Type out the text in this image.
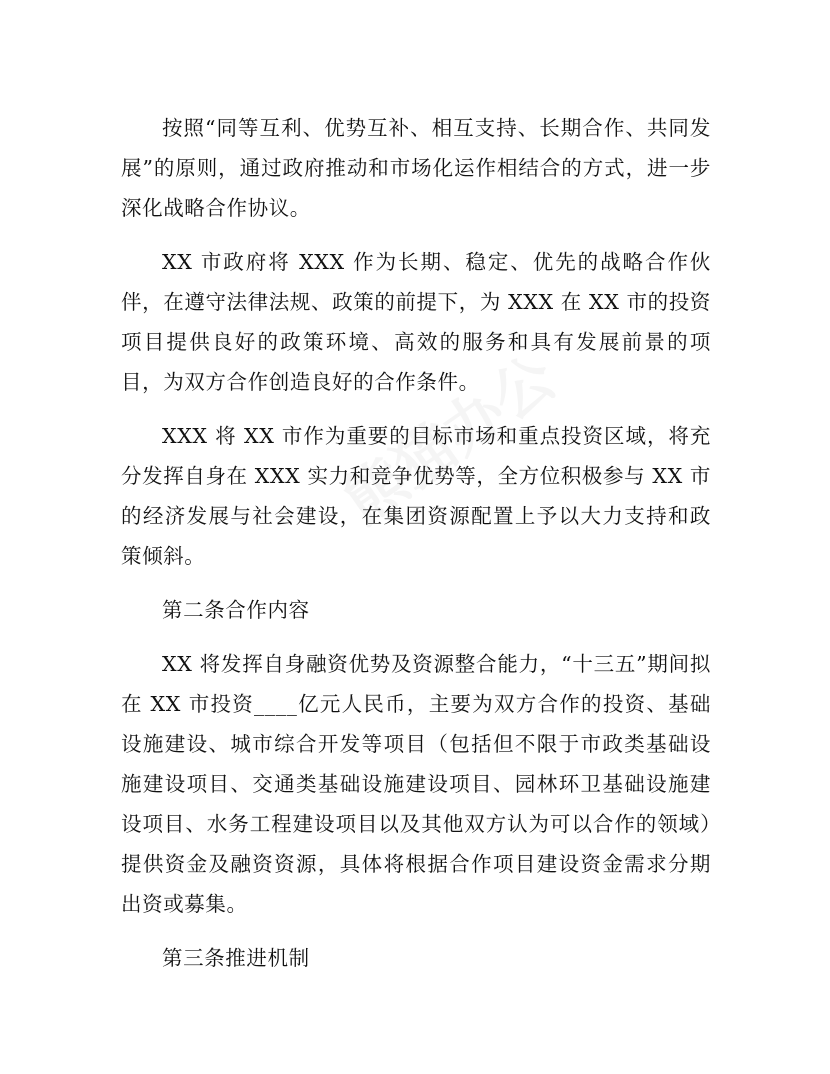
按照“同等互利、优势互补、相互支持、长期合作、共同发展”的原则，通过政府推动和市场化运作相结合的方式，进一步深化战略合作协议。

XX 市政府将 XXX 作为长期、稳定、优先的战略合作伙伴，在遵守法律法规、政策的前提下，为 XXX 在 XX 市的投资项目提供良好的政策环境、高效的服务和具有发展前景的项目，为双方合作创造良好的合作条件。

XXX 将 XX 市作为重要的目标市场和重点投资区域，将充分发挥自身在 XXX 实力和竞争优势等，全方位积极参与 XX 市的经济发展与社会建设，在集团资源配置上予以大力支持和政策倾斜。

第二条合作内容

XX 将发挥自身融资优势及资源整合能力，“十三五”期间拟在 XX 市投资____亿元人民币，主要为双方合作的投资、基础设施建设、城市综合开发等项目（包括但不限于市政类基础设施建设项目、交通类基础设施建设项目、园林环卫基础设施建设项目、水务工程建设项目以及其他双方认为可以合作的领域）提供资金及融资资源，具体将根据合作项目建设资金需求分期出资或募集。

第三条推进机制
